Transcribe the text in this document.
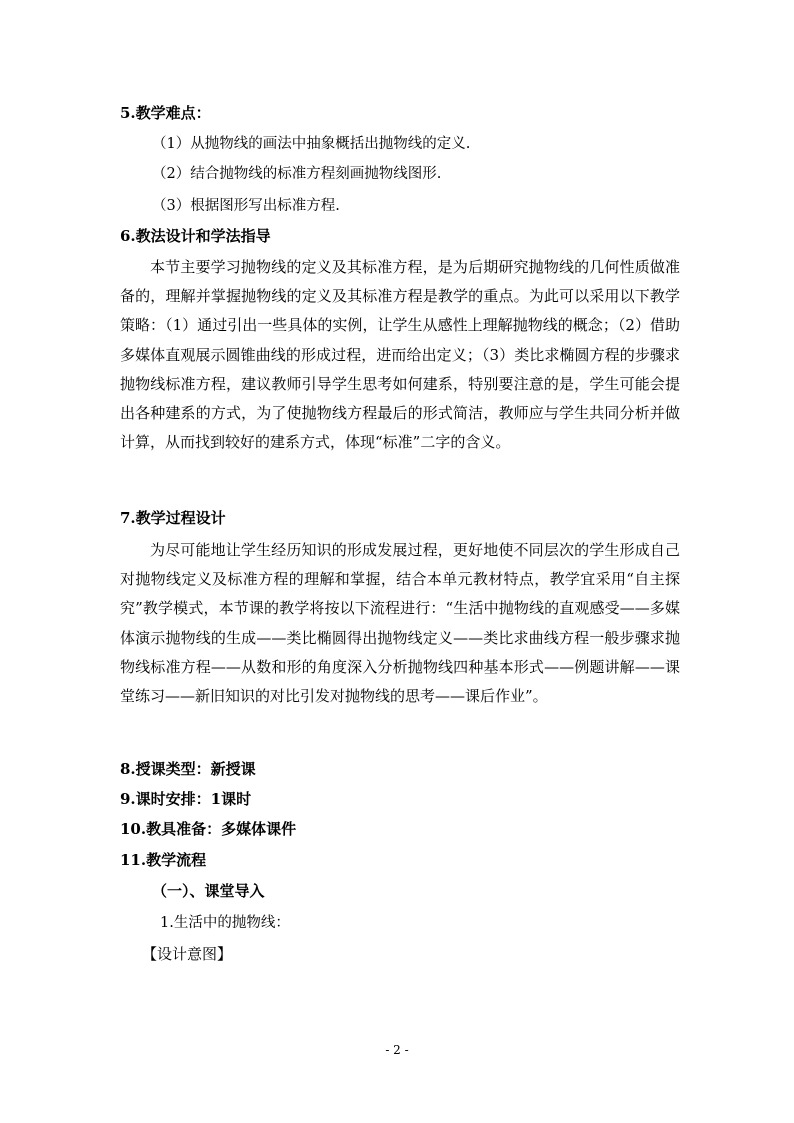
5.教学难点：
（1）从抛物线的画法中抽象概括出抛物线的定义.
（2）结合抛物线的标准方程刻画抛物线图形.
（3）根据图形写出标准方程.
6.教法设计和学法指导
本节主要学习抛物线的定义及其标准方程，是为后期研究抛物线的几何性质做准备的，理解并掌握抛物线的定义及其标准方程是教学的重点。为此可以采用以下教学策略：（1）通过引出一些具体的实例，让学生从感性上理解抛物线的概念；（2）借助多媒体直观展示圆锥曲线的形成过程，进而给出定义；（3）类比求椭圆方程的步骤求抛物线标准方程，建议教师引导学生思考如何建系，特别要注意的是，学生可能会提出各种建系的方式，为了使抛物线方程最后的形式简洁，教师应与学生共同分析并做计算，从而找到较好的建系方式，体现“标准”二字的含义。
7.教学过程设计
为尽可能地让学生经历知识的形成发展过程，更好地使不同层次的学生形成自己对抛物线定义及标准方程的理解和掌握，结合本单元教材特点，教学宜采用“自主探究”教学模式，本节课的教学将按以下流程进行：“生活中抛物线的直观感受——多媒体演示抛物线的生成——类比椭圆得出抛物线定义——类比求曲线方程一般步骤求抛物线标准方程——从数和形的角度深入分析抛物线四种基本形式——例题讲解——课堂练习——新旧知识的对比引发对抛物线的思考——课后作业”。
8.授课类型：新授课
9.课时安排：1课时
10.教具准备：多媒体课件
11.教学流程
（一）、课堂导入
1.生活中的抛物线：
【设计意图】
- 2 -
